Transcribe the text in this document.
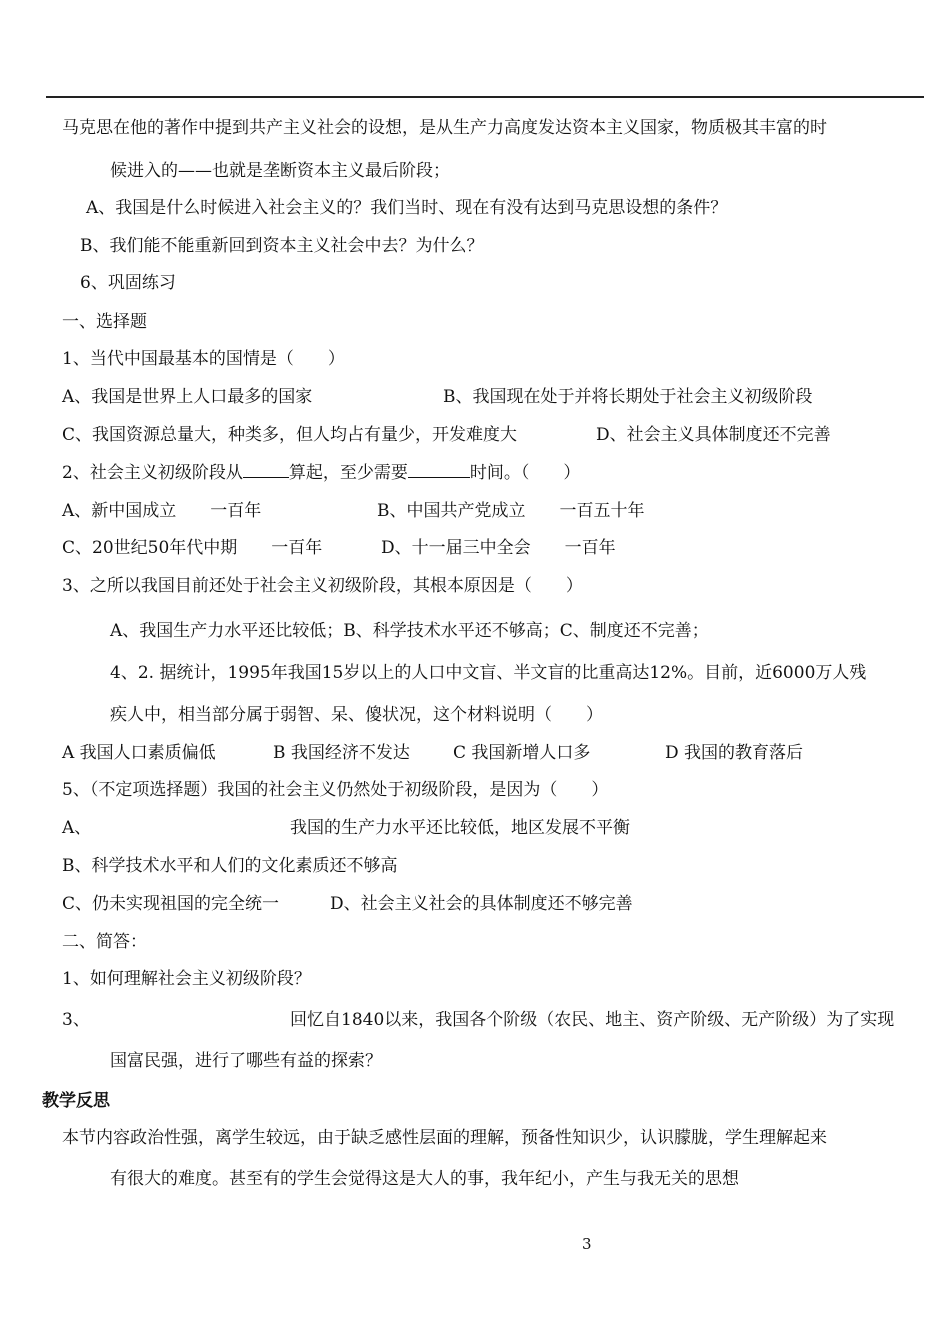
马克思在他的著作中提到共产主义社会的设想，是从生产力高度发达资本主义国家，物质极其丰富的时
候进入的——也就是垄断资本主义最后阶段；
A、我国是什么时候进入社会主义的？我们当时、现在有没有达到马克思设想的条件？
B、我们能不能重新回到资本主义社会中去？为什么？
6、巩固练习
一、选择题
1、当代中国最基本的国情是（　　）
A、我国是世界上人口最多的国家	B、我国现在处于并将长期处于社会主义初级阶段
C、我国资源总量大，种类多，但人均占有量少，开发难度大	D、社会主义具体制度还不完善
2、社会主义初级阶段从	算起，至少需要	时间。（　　）
A、新中国成立　　一百年	B、中国共产党成立　　一百五十年
C、20世纪50年代中期　　一百年	D、十一届三中全会　　一百年
3、之所以我国目前还处于社会主义初级阶段，其根本原因是（　　）
A、我国生产力水平还比较低；B、科学技术水平还不够高；C、制度还不完善；
4、2. 据统计，1995年我国15岁以上的人口中文盲、半文盲的比重高达12%。目前，近6000万人残
疾人中，相当部分属于弱智、呆、傻状况，这个材料说明（　　）
A 我国人口素质偏低	B 我国经济不发达	C 我国新增人口多	D 我国的教育落后
5、（不定项选择题）我国的社会主义仍然处于初级阶段，是因为（　　）
A、	我国的生产力水平还比较低，地区发展不平衡
B、科学技术水平和人们的文化素质还不够高
C、仍未实现祖国的完全统一	D、社会主义社会的具体制度还不够完善
二、简答：
1、如何理解社会主义初级阶段？
3、	回忆自1840以来，我国各个阶级（农民、地主、资产阶级、无产阶级）为了实现
国富民强，进行了哪些有益的探索？
教学反思
本节内容政治性强，离学生较远，由于缺乏感性层面的理解，预备性知识少，认识朦胧，学生理解起来
有很大的难度。甚至有的学生会觉得这是大人的事，我年纪小，产生与我无关的思想
3
